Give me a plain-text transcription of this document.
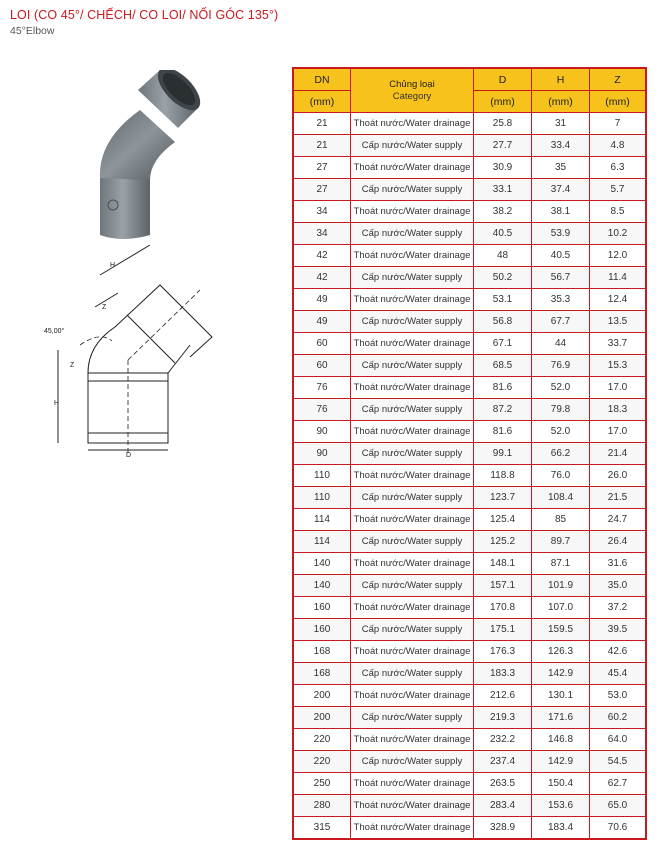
LOI (CO 45°/ CHẾCH/ CO LOI/ NỐI GÓC 135°)
45°Elbow
45,00°
H
Z
Z
H
D
DN	Chủng loại
Category	D	H	Z
(mm)		(mm)	(mm)	(mm)
21	Thoát nước/Water drainage	25.8	31	7
21	Cấp nước/Water supply	27.7	33.4	4.8
27	Thoát nước/Water drainage	30.9	35	6.3
27	Cấp nước/Water supply	33.1	37.4	5.7
34	Thoát nước/Water drainage	38.2	38.1	8.5
34	Cấp nước/Water supply	40.5	53.9	10.2
42	Thoát nước/Water drainage	48	40.5	12.0
42	Cấp nước/Water supply	50.2	56.7	11.4
49	Thoát nước/Water drainage	53.1	35.3	12.4
49	Cấp nước/Water supply	56.8	67.7	13.5
60	Thoát nước/Water drainage	67.1	44	33.7
60	Cấp nước/Water supply	68.5	76.9	15.3
76	Thoát nước/Water drainage	81.6	52.0	17.0
76	Cấp nước/Water supply	87.2	79.8	18.3
90	Thoát nước/Water drainage	81.6	52.0	17.0
90	Cấp nước/Water supply	99.1	66.2	21.4
110	Thoát nước/Water drainage	118.8	76.0	26.0
110	Cấp nước/Water supply	123.7	108.4	21.5
114	Thoát nước/Water drainage	125.4	85	24.7
114	Cấp nước/Water supply	125.2	89.7	26.4
140	Thoát nước/Water drainage	148.1	87.1	31.6
140	Cấp nước/Water supply	157.1	101.9	35.0
160	Thoát nước/Water drainage	170.8	107.0	37.2
160	Cấp nước/Water supply	175.1	159.5	39.5
168	Thoát nước/Water drainage	176.3	126.3	42.6
168	Cấp nước/Water supply	183.3	142.9	45.4
200	Thoát nước/Water drainage	212.6	130.1	53.0
200	Cấp nước/Water supply	219.3	171.6	60.2
220	Thoát nước/Water drainage	232.2	146.8	64.0
220	Cấp nước/Water supply	237.4	142.9	54.5
250	Thoát nước/Water drainage	263.5	150.4	62.7
280	Thoát nước/Water drainage	283.4	153.6	65.0
315	Thoát nước/Water drainage	328.9	183.4	70.6
